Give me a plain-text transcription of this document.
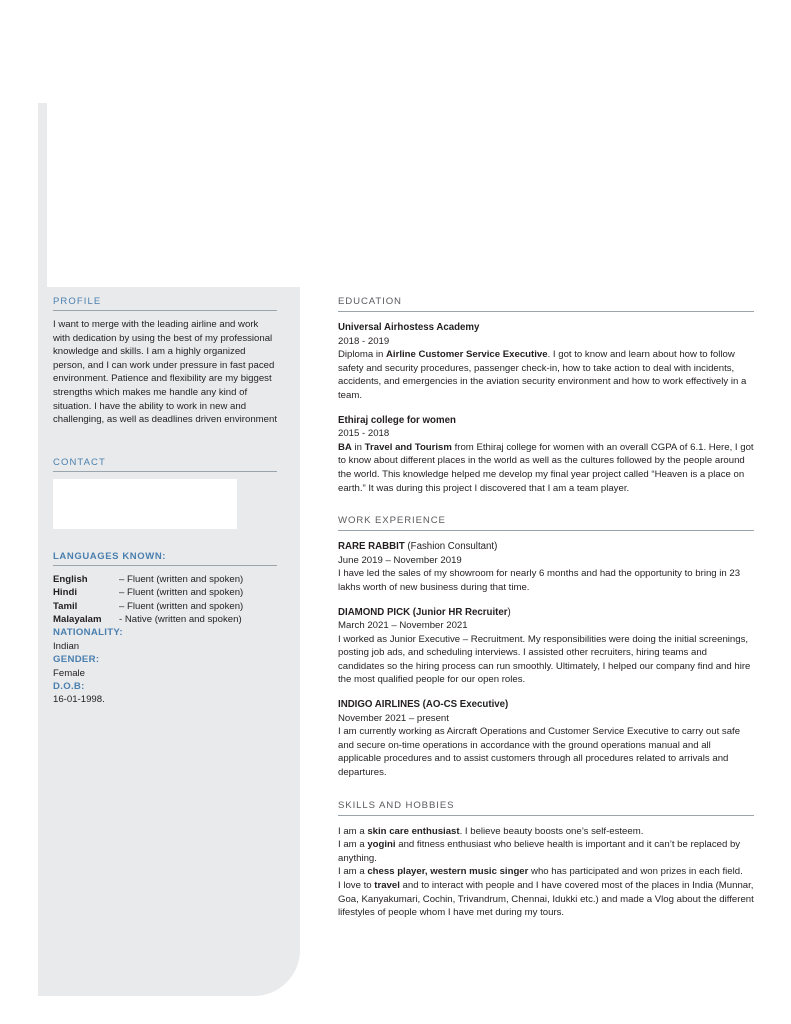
PROFILE
I want to merge with the leading airline and work with dedication by using the best of my professional knowledge and skills. I am a highly organized person, and I can work under pressure in fast paced environment. Patience and flexibility are my biggest strengths which makes me handle any kind of situation. I have the ability to work in new and challenging, as well as deadlines driven environment
CONTACT
LANGUAGES KNOWN:
English	– Fluent (written and spoken)
Hindi	– Fluent (written and spoken)
Tamil	– Fluent (written and spoken)
Malayalam - Native (written and spoken)
NATIONALITY:
Indian
GENDER:
Female
D.O.B:
16-01-1998.
EDUCATION
Universal Airhostess Academy
2018 - 2019
Diploma in Airline Customer Service Executive. I got to know and learn about how to follow safety and security procedures, passenger check-in, how to take action to deal with incidents, accidents, and emergencies in the aviation security environment and how to work effectively in a team.
Ethiraj college for women
2015 - 2018
BA in Travel and Tourism from Ethiraj college for women with an overall CGPA of 6.1. Here, I got to know about different places in the world as well as the cultures followed by the people around the world. This knowledge helped me develop my final year project called “Heaven is a place on earth.” It was during this project I discovered that I am a team player.
WORK EXPERIENCE
RARE RABBIT (Fashion Consultant)
June 2019 – November 2019
I have led the sales of my showroom for nearly 6 months and had the opportunity to bring in 23 lakhs worth of new business during that time.
DIAMOND PICK (Junior HR Recruiter)
March 2021 – November 2021
I worked as Junior Executive – Recruitment. My responsibilities were doing the initial screenings, posting job ads, and scheduling interviews. I assisted other recruiters, hiring teams and candidates so the hiring process can run smoothly. Ultimately, I helped our company find and hire the most qualified people for our open roles.
INDIGO AIRLINES (AO-CS Executive)
November 2021 – present
I am currently working as Aircraft Operations and Customer Service Executive to carry out safe and secure on-time operations in accordance with the ground operations manual and all applicable procedures and to assist customers through all procedures related to arrivals and departures.
SKILLS AND HOBBIES
I am a skin care enthusiast. I believe beauty boosts one’s self-esteem.
I am a yogini and fitness enthusiast who believe health is important and it can’t be replaced by anything.
I am a chess player, western music singer who has participated and won prizes in each field.
I love to travel and to interact with people and I have covered most of the places in India (Munnar, Goa, Kanyakumari, Cochin, Trivandrum, Chennai, Idukki etc.) and made a Vlog about the different lifestyles of people whom I have met during my tours.
